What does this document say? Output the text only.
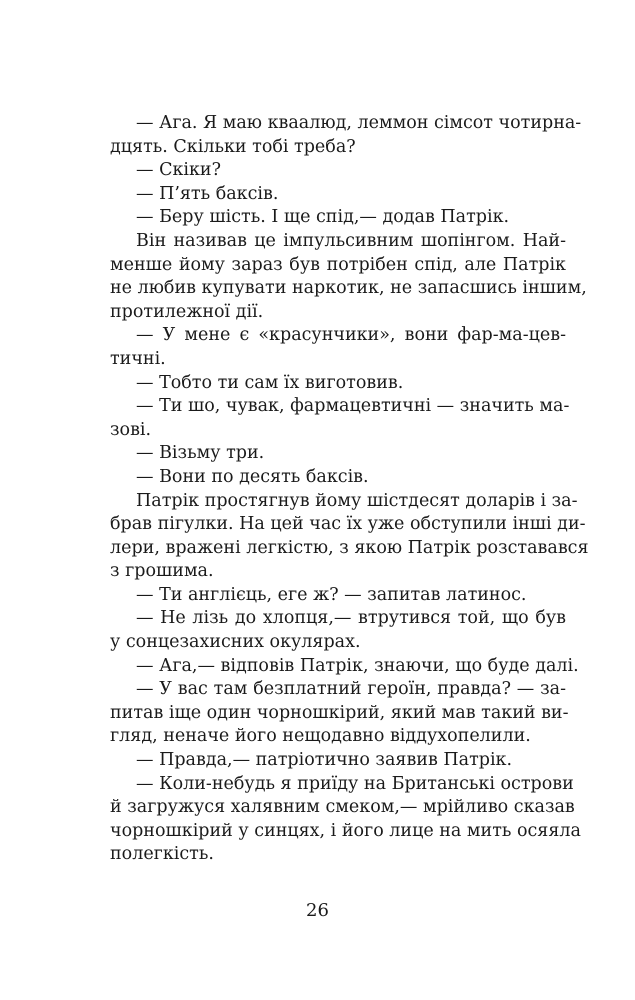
— Ага. Я маю кваалюд, леммон сімсот чотирна-
дцять. Скільки тобі треба?
— Скіки?
— П’ять баксів.
— Беру шість. І ще спід,— додав Патрік.
Він називав це імпульсивним шопінгом. Най-
менше йому зараз був потрібен спід, але Патрік
не любив купувати наркотик, не запасшись іншим,
протилежної дії.
— У мене є «красунчики», вони фар-ма-цев-
тичні.
— Тобто ти сам їх виготовив.
— Ти шо, чувак, фармацевтичні — значить ма-
зові.
— Візьму три.
— Вони по десять баксів.
Патрік простягнув йому шістдесят доларів і за-
брав пігулки. На цей час їх уже обступили інші ди-
лери, вражені легкістю, з якою Патрік розставався
з грошима.
— Ти англієць, еге ж? — запитав латинос.
— Не лізь до хлопця,— втрутився той, що був
у сонцезахисних окулярах.
— Ага,— відповів Патрік, знаючи, що буде далі.
— У вас там безплатний героїн, правда? — за-
питав іще один чорношкірий, який мав такий ви-
гляд, неначе його нещодавно віддухопелили.
— Правда,— патріотично заявив Патрік.
— Коли-небудь я приїду на Британські острови
й загружуся халявним смеком,— мрійливо сказав
чорношкірий у синцях, і його лице на мить осяяла
полегкість.
26
